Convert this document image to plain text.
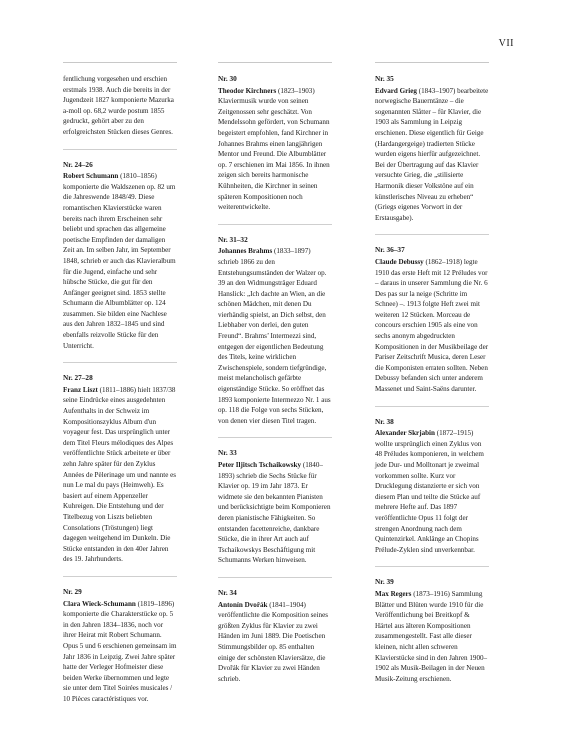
VII

fentlichung vorgesehen und erschien erstmals 1938. Auch die bereits in der Jugendzeit 1827 komponierte Mazurka a-moll op. 68,2 wurde postum 1855 gedruckt, gehört aber zu den erfolgreichsten Stücken dieses Genres.

Nr. 24–26

Robert Schumann (1810–1856) komponierte die Waldszenen op. 82 um die Jahreswende 1848/49. Diese romantischen Klavierstücke waren bereits nach ihrem Erscheinen sehr beliebt und sprachen das allgemeine poetische Empfinden der damaligen Zeit an. Im selben Jahr, im September 1848, schrieb er auch das Klavieralbum für die Jugend, einfache und sehr hübsche Stücke, die gut für den Anfänger geeignet sind. 1853 stellte Schumann die Albumblätter op. 124 zusammen. Sie bilden eine Nachlese aus den Jahren 1832–1845 und sind ebenfalls reizvolle Stücke für den Unterricht.

Nr. 27–28

Franz Liszt (1811–1886) hielt 1837/38 seine Eindrücke eines ausgedehnten Aufenthalts in der Schweiz im Kompositionszyklus Album d'un voyageur fest. Das ursprünglich unter dem Titel Fleurs mélodiques des Alpes veröffentlichte Stück arbeitete er über zehn Jahre später für den Zyklus Années de Pèlerinage um und nannte es nun Le mal du pays (Heimweh). Es basiert auf einem Appenzeller Kuhreigen. Die Entstehung und der Titelbezug von Liszts beliebten Consolations (Tröstungen) liegt dagegen weitgehend im Dunkeln. Die Stücke entstanden in den 40er Jahren des 19. Jahrhunderts.

Nr. 29

Clara Wieck-Schumann (1819–1896) komponierte die Charakterstücke op. 5 in den Jahren 1834–1836, noch vor ihrer Heirat mit Robert Schumann. Opus 5 und 6 erschienen gemeinsam im Jahr 1836 in Leipzig. Zwei Jahre später hatte der Verleger Hofmeister diese beiden Werke übernommen und legte sie unter dem Titel Soirées musicales / 10 Pièces caractéristiques vor.

Nr. 30

Theodor Kirchners (1823–1903) Klaviermusik wurde von seinen Zeitgenossen sehr geschätzt. Von Mendelssohn gefördert, von Schumann begeistert empfohlen, fand Kirchner in Johannes Brahms einen langjährigen Mentor und Freund. Die Albumblätter op. 7 erschienen im Mai 1856. In ihnen zeigen sich bereits harmonische Kühnheiten, die Kirchner in seinen späteren Kompositionen noch weiterentwickelte.

Nr. 31–32

Johannes Brahms (1833–1897) schrieb 1866 zu den Entstehungsumständen der Walzer op. 39 an den Widmungsträger Eduard Hanslick: „Ich dachte an Wien, an die schönen Mädchen, mit denen Du vierhändig spielst, an Dich selbst, den Liebhaber von derlei, den guten Freund“. Brahms’ Intermezzi sind, entgegen der eigentlichen Bedeutung des Titels, keine wirklichen Zwischenspiele, sondern tiefgründige, meist melancholisch gefärbte eigenständige Stücke. So eröffnet das 1893 komponierte Intermezzo Nr. 1 aus op. 118 die Folge von sechs Stücken, von denen vier diesen Titel tragen.

Nr. 33

Peter Iljitsch Tschaikowsky (1840–1893) schrieb die Sechs Stücke für Klavier op. 19 im Jahr 1873. Er widmete sie den bekannten Pianisten und berücksichtigte beim Komponieren deren pianistische Fähigkeiten. So entstanden facettenreiche, dankbare Stücke, die in ihrer Art auch auf Tschaikowskys Beschäftigung mit Schumanns Werken hinweisen.

Nr. 34

Antonín Dvořák (1841–1904) veröffentlichte die Komposition seines größten Zyklus für Klavier zu zwei Händen im Juni 1889. Die Poetischen Stimmungsbilder op. 85 enthalten einige der schönsten Klaviersätze, die Dvořák für Klavier zu zwei Händen schrieb.

Nr. 35

Edvard Grieg (1843–1907) bearbeitete norwegische Bauerntänze – die sogenannten Slåtter – für Klavier, die 1903 als Sammlung in Leipzig erschienen. Diese eigentlich für Geige (Hardangergeige) tradierten Stücke wurden eigens hierfür aufgezeichnet. Bei der Übertragung auf das Klavier versuchte Grieg, die „stilisierte Harmonik dieser Volkstöne auf ein künstlerisches Niveau zu erheben“ (Griegs eigenes Vorwort in der Erstausgabe).

Nr. 36–37

Claude Debussy (1862–1918) legte 1910 das erste Heft mit 12 Préludes vor – daraus in unserer Sammlung die Nr. 6 Des pas sur la neige (Schritte im Schnee) –. 1913 folgte Heft zwei mit weiteren 12 Stücken. Morceau de concours erschien 1905 als eine von sechs anonym abgedruckten Kompositionen in der Musikbeilage der Pariser Zeitschrift Musica, deren Leser die Komponisten erraten sollten. Neben Debussy befanden sich unter anderem Massenet und Saint-Saëns darunter.

Nr. 38

Alexander Skrjabin (1872–1915) wollte ursprünglich einen Zyklus von 48 Préludes komponieren, in welchem jede Dur- und Molltonart je zweimal vorkommen sollte. Kurz vor Drucklegung distanzierte er sich von diesem Plan und teilte die Stücke auf mehrere Hefte auf. Das 1897 veröffentlichte Opus 11 folgt der strengen Anordnung nach dem Quintenzirkel. Anklänge an Chopins Prélude-Zyklen sind unverkennbar.

Nr. 39

Max Regers (1873–1916) Sammlung Blätter und Blüten wurde 1910 für die Veröffentlichung bei Breitkopf & Härtel aus älteren Kompositionen zusammengestellt. Fast alle dieser kleinen, nicht allen schweren Klavierstücke sind in den Jahren 1900–1902 als Musik-Beilagen in der Neuen Musik-Zeitung erschienen.
